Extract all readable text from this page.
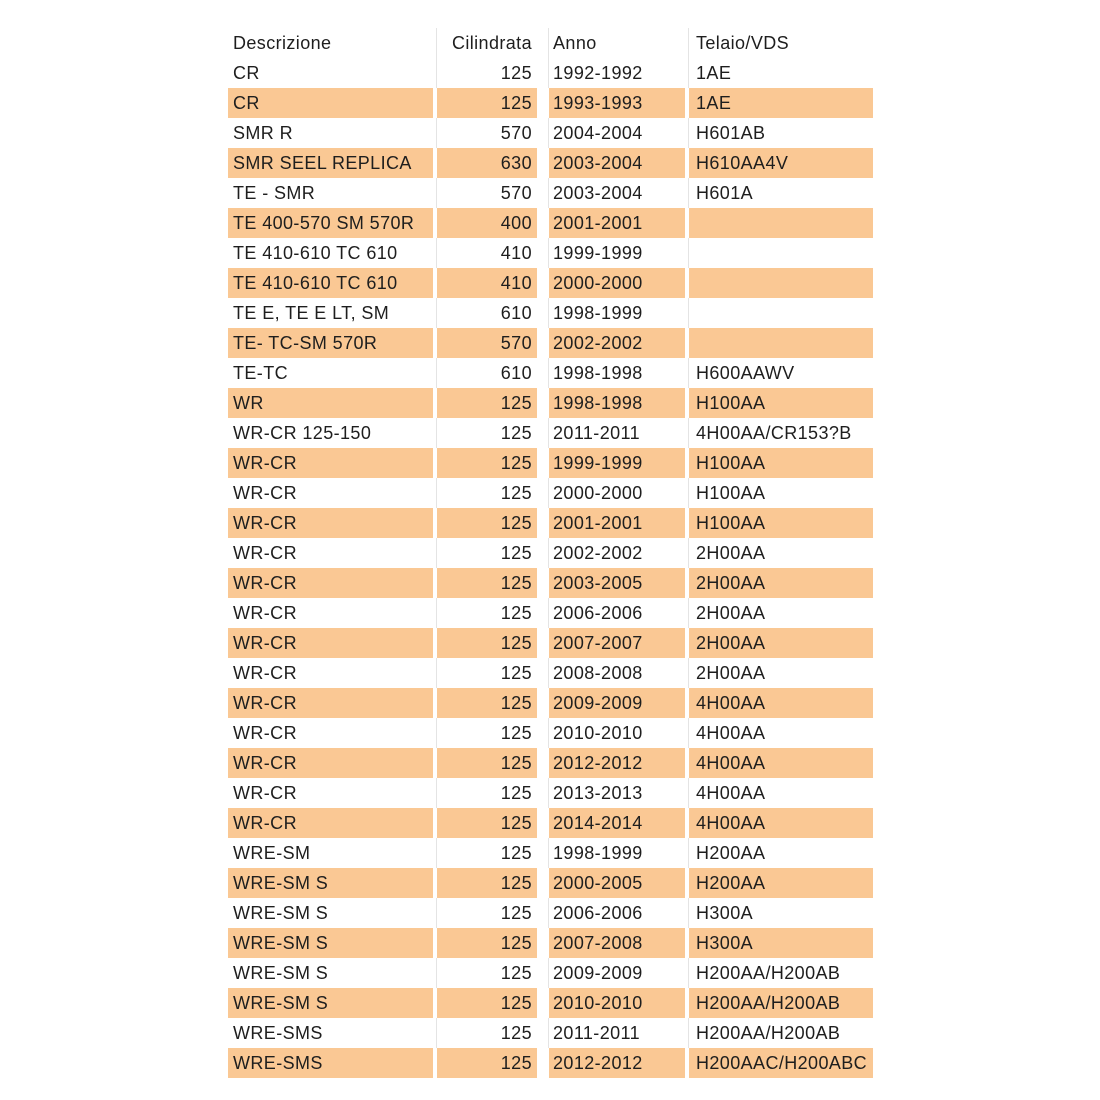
Descrizione	Cilindrata Anno	Telaio/VDS
CR	125 1992-1992	1AE
CR	125 1993-1993	1AE
SMR R	570 2004-2004	H601AB
SMR SEEL REPLICA	630 2003-2004	H610AA4V
TE - SMR	570 2003-2004	H601A
TE 400-570 SM 570R	400 2001-2001
TE 410-610 TC 610	410 1999-1999
TE 410-610 TC 610	410 2000-2000
TE E, TE E LT, SM	610 1998-1999
TE- TC-SM 570R	570 2002-2002
TE-TC	610 1998-1998	H600AAWV
WR	125 1998-1998	H100AA
WR-CR 125-150	125 2011-2011	4H00AA/CR153?B
WR-CR	125 1999-1999	H100AA
WR-CR	125 2000-2000	H100AA
WR-CR	125 2001-2001	H100AA
WR-CR	125 2002-2002	2H00AA
WR-CR	125 2003-2005	2H00AA
WR-CR	125 2006-2006	2H00AA
WR-CR	125 2007-2007	2H00AA
WR-CR	125 2008-2008	2H00AA
WR-CR	125 2009-2009	4H00AA
WR-CR	125 2010-2010	4H00AA
WR-CR	125 2012-2012	4H00AA
WR-CR	125 2013-2013	4H00AA
WR-CR	125 2014-2014	4H00AA
WRE-SM	125 1998-1999	H200AA
WRE-SM S	125 2000-2005	H200AA
WRE-SM S	125 2006-2006	H300A
WRE-SM S	125 2007-2008	H300A
WRE-SM S	125 2009-2009	H200AA/H200AB
WRE-SM S	125 2010-2010	H200AA/H200AB
WRE-SMS	125 2011-2011	H200AA/H200AB
WRE-SMS	125 2012-2012	H200AAC/H200ABC
